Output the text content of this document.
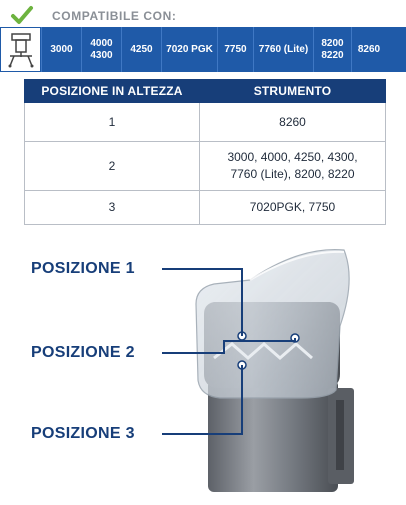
COMPATIBILE CON:
3000
4000
4300
4250	7020 PGK	7750	7760 (Lite)
8200
8220
8260
POSIZIONE IN ALTEZZA	STRUMENTO
1	8260
2	3000, 4000, 4250, 4300,
7760 (Lite), 8200, 8220
3	7020PGK, 7750
POSIZIONE 1
POSIZIONE 2
POSIZIONE 3
